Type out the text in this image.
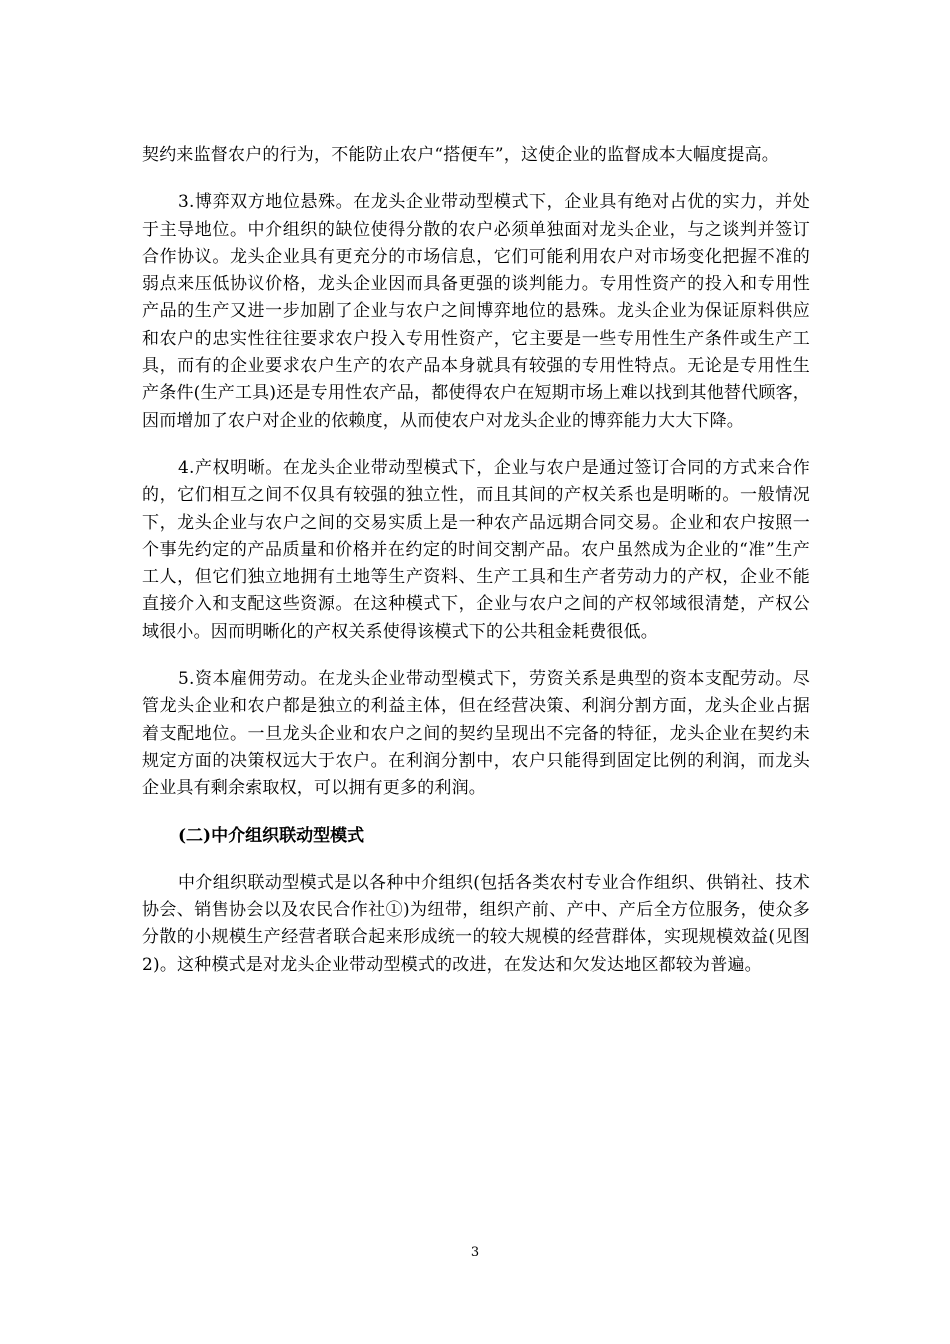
契约来监督农户的行为，不能防止农户“搭便车”，这使企业的监督成本大幅度提高。

3.博弈双方地位悬殊。在龙头企业带动型模式下，企业具有绝对占优的实力，并处于主导地位。中介组织的缺位使得分散的农户必须单独面对龙头企业，与之谈判并签订合作协议。龙头企业具有更充分的市场信息，它们可能利用农户对市场变化把握不准的弱点来压低协议价格，龙头企业因而具备更强的谈判能力。专用性资产的投入和专用性产品的生产又进一步加剧了企业与农户之间博弈地位的悬殊。龙头企业为保证原料供应和农户的忠实性往往要求农户投入专用性资产，它主要是一些专用性生产条件或生产工具，而有的企业要求农户生产的农产品本身就具有较强的专用性特点。无论是专用性生产条件(生产工具)还是专用性农产品，都使得农户在短期市场上难以找到其他替代顾客，因而增加了农户对企业的依赖度，从而使农户对龙头企业的博弈能力大大下降。

4.产权明晰。在龙头企业带动型模式下，企业与农户是通过签订合同的方式来合作的，它们相互之间不仅具有较强的独立性，而且其间的产权关系也是明晰的。一般情况下，龙头企业与农户之间的交易实质上是一种农产品远期合同交易。企业和农户按照一个事先约定的产品质量和价格并在约定的时间交割产品。农户虽然成为企业的“准”生产工人，但它们独立地拥有土地等生产资料、生产工具和生产者劳动力的产权，企业不能直接介入和支配这些资源。在这种模式下，企业与农户之间的产权邻域很清楚，产权公域很小。因而明晰化的产权关系使得该模式下的公共租金耗费很低。

5.资本雇佣劳动。在龙头企业带动型模式下，劳资关系是典型的资本支配劳动。尽管龙头企业和农户都是独立的利益主体，但在经营决策、利润分割方面，龙头企业占据着支配地位。一旦龙头企业和农户之间的契约呈现出不完备的特征，龙头企业在契约未规定方面的决策权远大于农户。在利润分割中，农户只能得到固定比例的利润，而龙头企业具有剩余索取权，可以拥有更多的利润。

(二)中介组织联动型模式

中介组织联动型模式是以各种中介组织(包括各类农村专业合作组织、供销社、技术协会、销售协会以及农民合作社①)为纽带，组织产前、产中、产后全方位服务，使众多分散的小规模生产经营者联合起来形成统一的较大规模的经营群体，实现规模效益(见图2)。这种模式是对龙头企业带动型模式的改进，在发达和欠发达地区都较为普遍。

3
